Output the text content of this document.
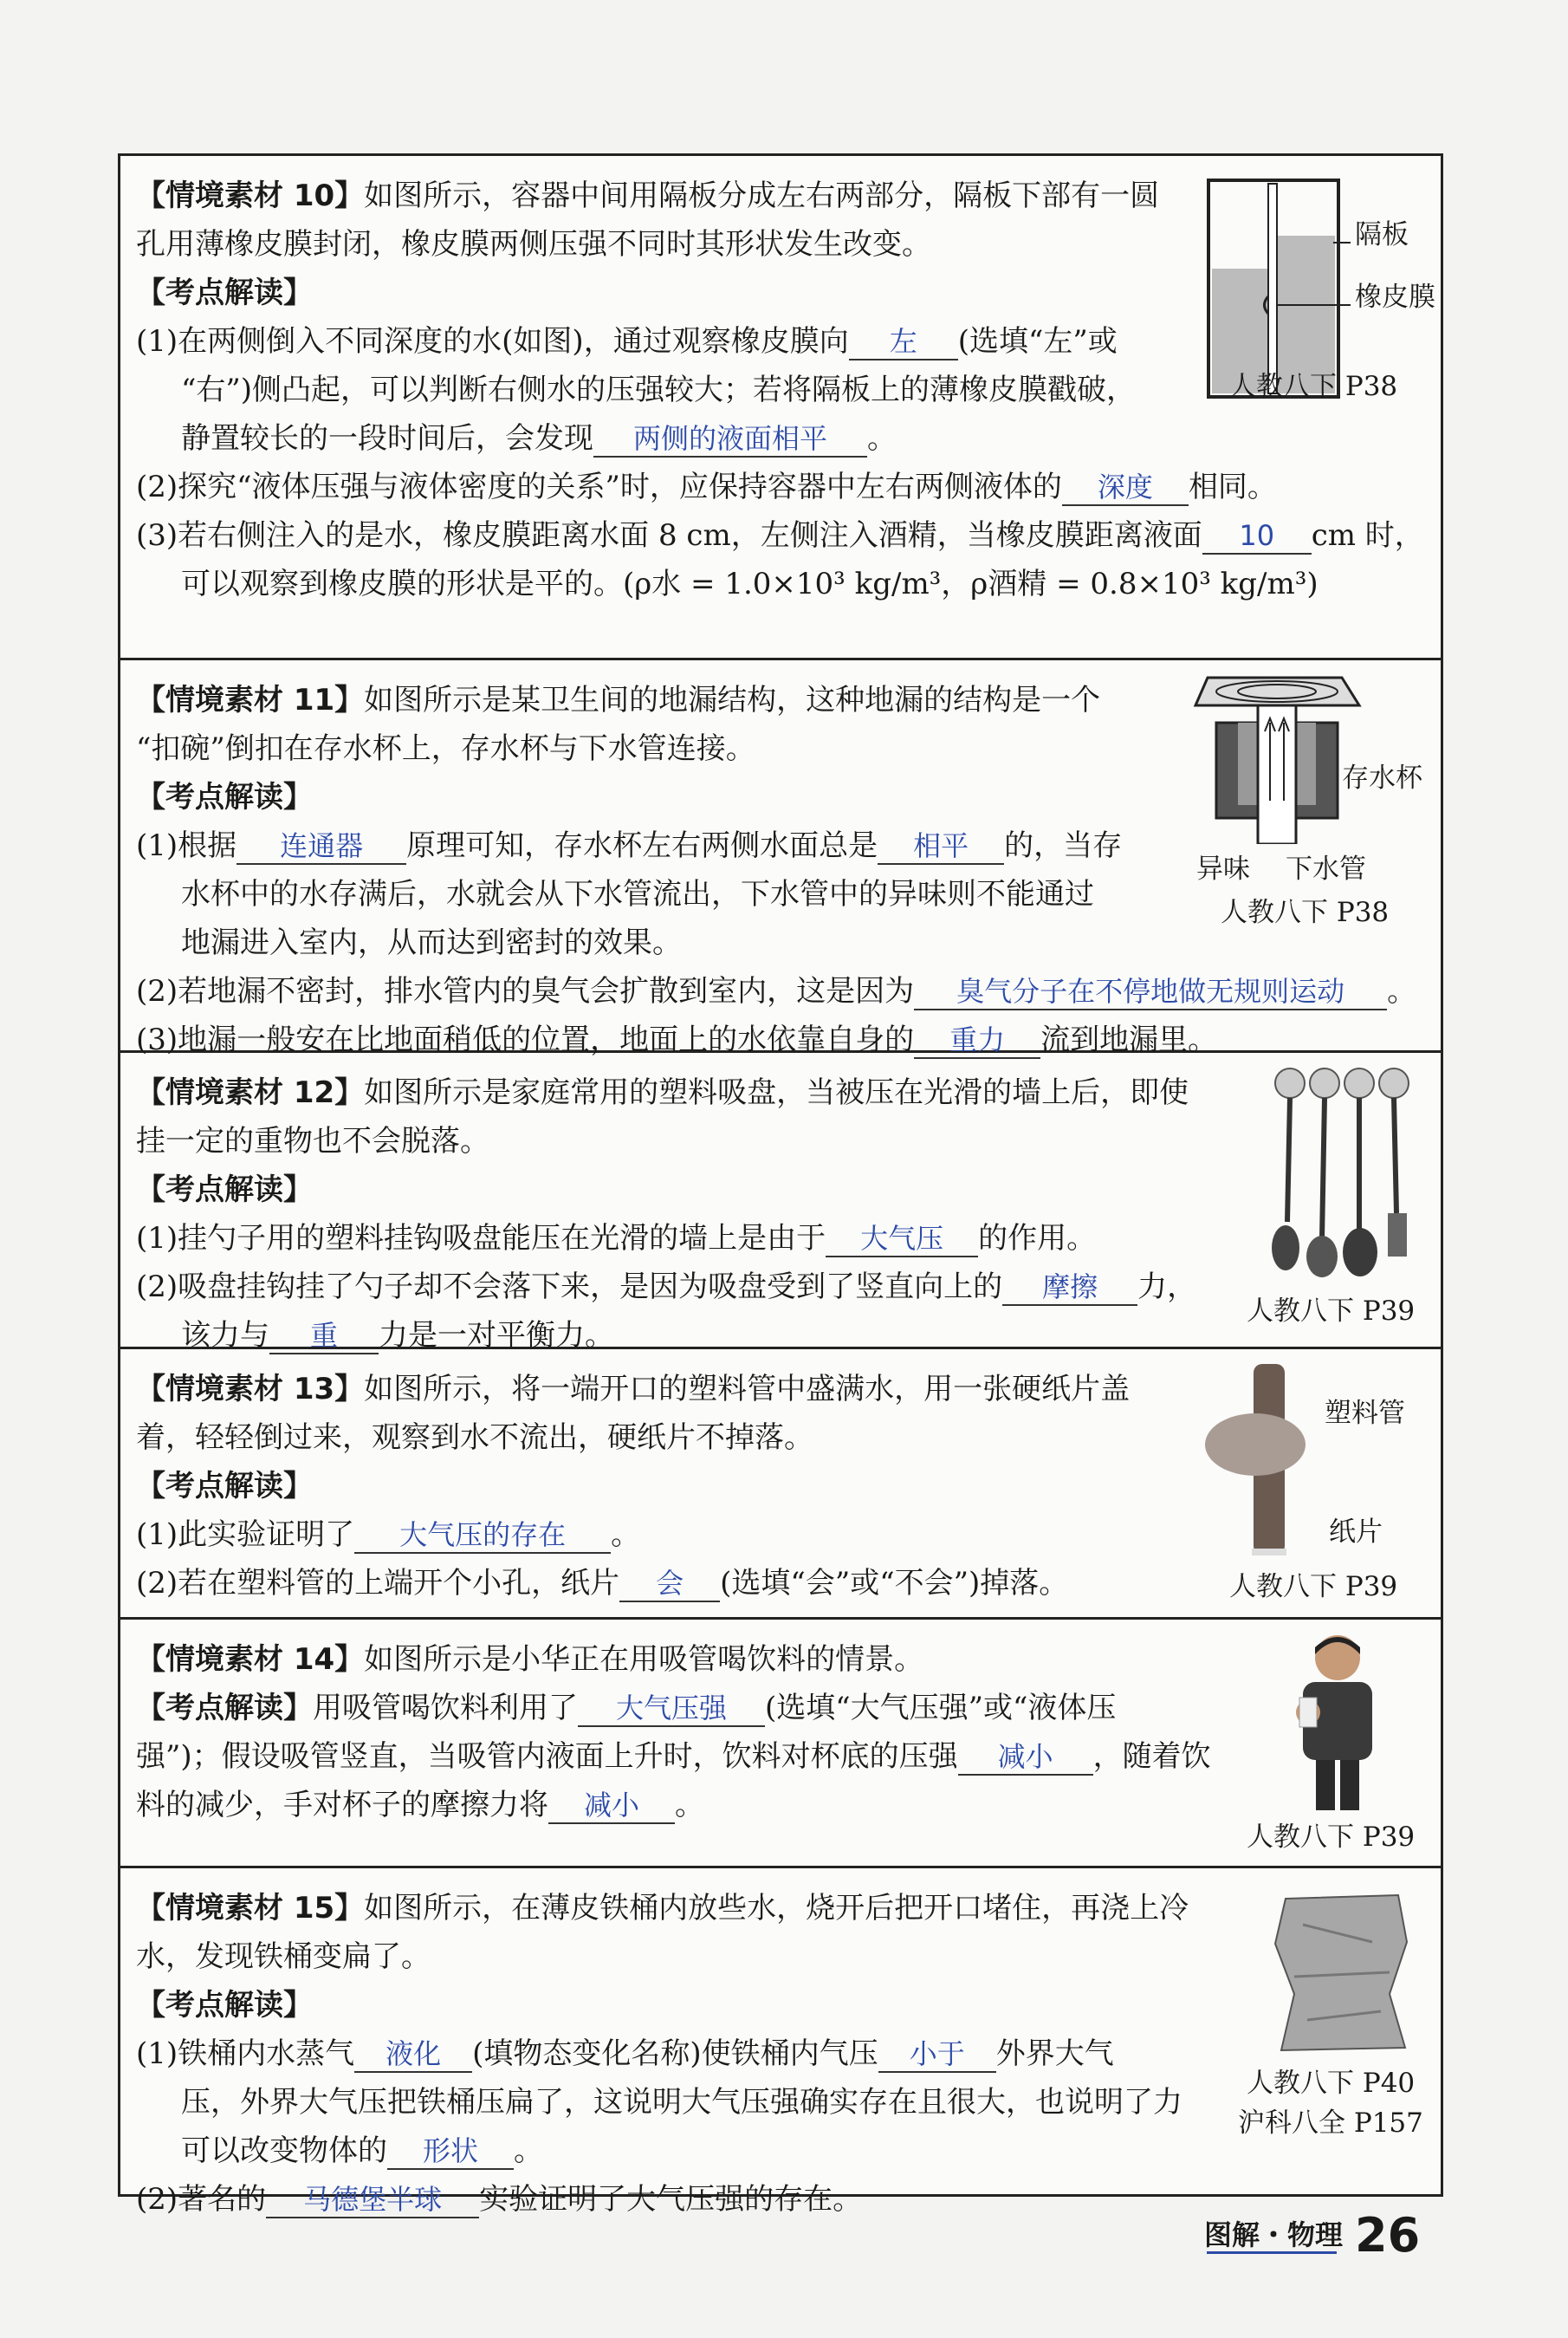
【情境素材 10】如图所示，容器中间用隔板分成左右两部分，隔板下部有一圆
孔用薄橡皮膜封闭，橡皮膜两侧压强不同时其形状发生改变。
【考点解读】
(1)在两侧倒入不同深度的水(如图)，通过观察橡皮膜向 左 (选填“左”或
“右”)侧凸起，可以判断右侧水的压强较大；若将隔板上的薄橡皮膜戳破，
静置较长的一段时间后，会发现 两侧的液面相平 。
(2)探究“液体压强与液体密度的关系”时，应保持容器中左右两侧液体的 深度 相同。
(3)若右侧注入的是水，橡皮膜距离水面 8 cm，左侧注入酒精，当橡皮膜距离液面 10 cm 时，
可以观察到橡皮膜的形状是平的。(ρ水 = 1.0×10³ kg/m³，ρ酒精 = 0.8×10³ kg/m³)
隔板
橡皮膜
人教八下 P38
【情境素材 11】如图所示是某卫生间的地漏结构，这种地漏的结构是一个
“扣碗”倒扣在存水杯上，存水杯与下水管连接。
【考点解读】
(1)根据 连通器 原理可知，存水杯左右两侧水面总是 相平 的，当存
水杯中的水存满后，水就会从下水管流出，下水管中的异味则不能通过
地漏进入室内，从而达到密封的效果。
(2)若地漏不密封，排水管内的臭气会扩散到室内，这是因为 臭气分子在不停地做无规则运动 。
(3)地漏一般安在比地面稍低的位置，地面上的水依靠自身的 重力 流到地漏里。
存水杯
异味 下水管
人教八下 P38
【情境素材 12】如图所示是家庭常用的塑料吸盘，当被压在光滑的墙上后，即使
挂一定的重物也不会脱落。
【考点解读】
(1)挂勺子用的塑料挂钩吸盘能压在光滑的墙上是由于 大气压 的作用。
(2)吸盘挂钩挂了勺子却不会落下来，是因为吸盘受到了竖直向上的 摩擦 力，
该力与 重 力是一对平衡力。
人教八下 P39
【情境素材 13】如图所示，将一端开口的塑料管中盛满水，用一张硬纸片盖
着，轻轻倒过来，观察到水不流出，硬纸片不掉落。
【考点解读】
(1)此实验证明了 大气压的存在 。
(2)若在塑料管的上端开个小孔，纸片 会 (选填“会”或“不会”)掉落。
塑料管
纸片
人教八下 P39
【情境素材 14】如图所示是小华正在用吸管喝饮料的情景。
【考点解读】用吸管喝饮料利用了 大气压强 (选填“大气压强”或“液体压
强”)；假设吸管竖直，当吸管内液面上升时，饮料对杯底的压强 减小 ，随着饮
料的减少，手对杯子的摩擦力将 减小 。
人教八下 P39
【情境素材 15】如图所示，在薄皮铁桶内放些水，烧开后把开口堵住，再浇上冷
水，发现铁桶变扁了。
【考点解读】
(1)铁桶内水蒸气 液化 (填物态变化名称)使铁桶内气压 小于 外界大气
压，外界大气压把铁桶压扁了，这说明大气压强确实存在且很大，也说明了力
可以改变物体的 形状 。
(2)著名的 马德堡半球 实验证明了大气压强的存在。
人教八下 P40
沪科八全 P157
图解・物理 26
